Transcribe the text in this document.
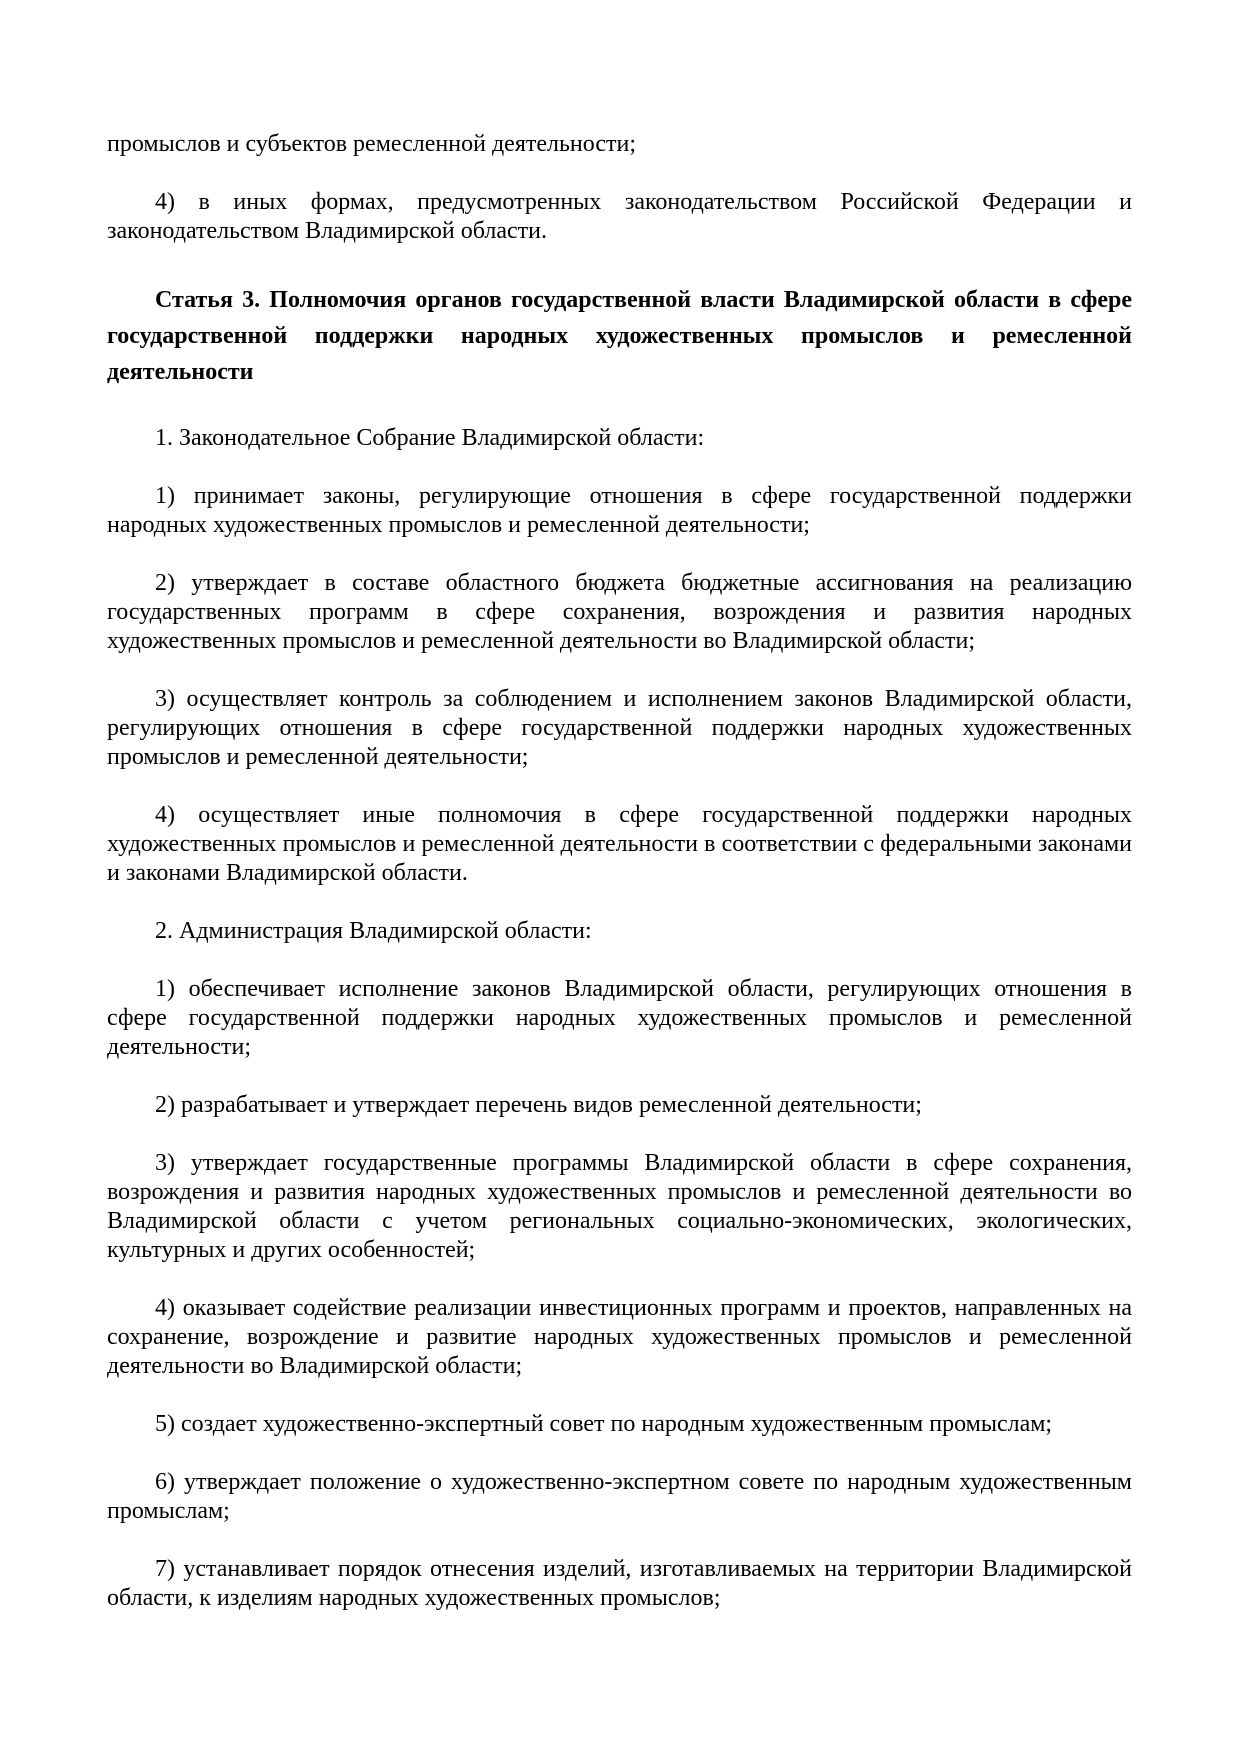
промыслов и субъектов ремесленной деятельности;

4) в иных формах, предусмотренных законодательством Российской Федерации и законодательством Владимирской области.

Статья 3. Полномочия органов государственной власти Владимирской области в сфере государственной поддержки народных художественных промыслов и ремесленной деятельности

1. Законодательное Собрание Владимирской области:

1) принимает законы, регулирующие отношения в сфере государственной поддержки народных художественных промыслов и ремесленной деятельности;

2) утверждает в составе областного бюджета бюджетные ассигнования на реализацию государственных программ в сфере сохранения, возрождения и развития народных художественных промыслов и ремесленной деятельности во Владимирской области;

3) осуществляет контроль за соблюдением и исполнением законов Владимирской области, регулирующих отношения в сфере государственной поддержки народных художественных промыслов и ремесленной деятельности;

4) осуществляет иные полномочия в сфере государственной поддержки народных художественных промыслов и ремесленной деятельности в соответствии с федеральными законами и законами Владимирской области.

2. Администрация Владимирской области:

1) обеспечивает исполнение законов Владимирской области, регулирующих отношения в сфере государственной поддержки народных художественных промыслов и ремесленной деятельности;

2) разрабатывает и утверждает перечень видов ремесленной деятельности;

3) утверждает государственные программы Владимирской области в сфере сохранения, возрождения и развития народных художественных промыслов и ремесленной деятельности во Владимирской области с учетом региональных социально-экономических, экологических, культурных и других особенностей;

4) оказывает содействие реализации инвестиционных программ и проектов, направленных на сохранение, возрождение и развитие народных художественных промыслов и ремесленной деятельности во Владимирской области;

5) создает художественно-экспертный совет по народным художественным промыслам;

6) утверждает положение о художественно-экспертном совете по народным художественным промыслам;

7) устанавливает порядок отнесения изделий, изготавливаемых на территории Владимирской области, к изделиям народных художественных промыслов;
